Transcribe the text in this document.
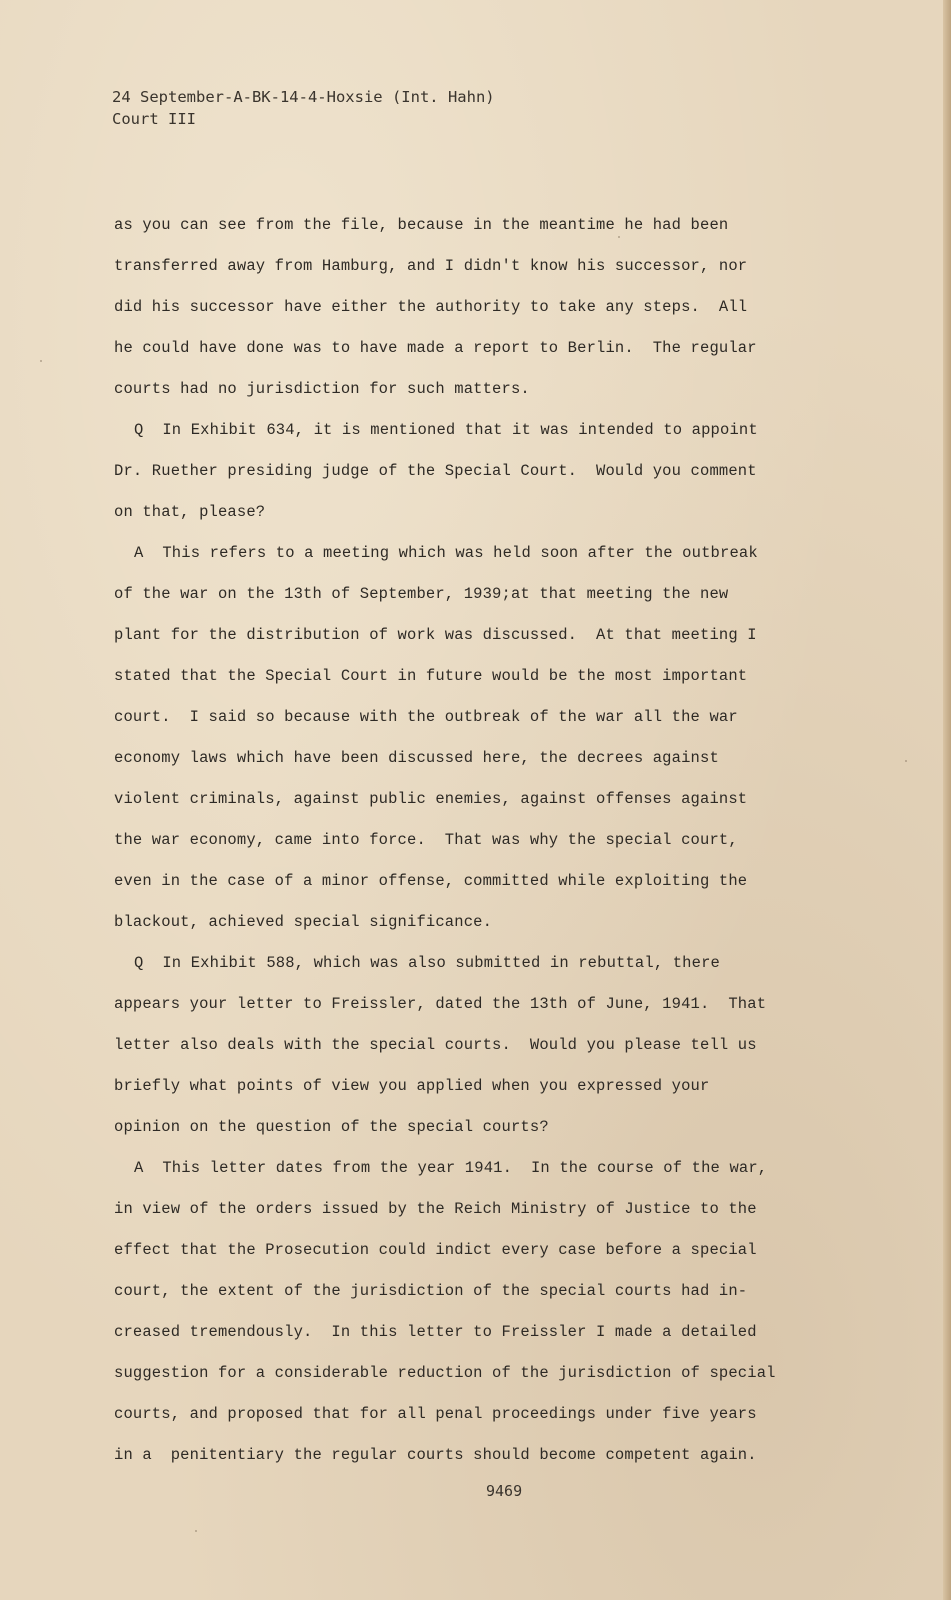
24 September-A-BK-14-4-Hoxsie (Int. Hahn)
Court III
as you can see from the file, because in the meantime he had been
transferred away from Hamburg, and I didn't know his successor, nor
did his successor have either the authority to take any steps.  All
he could have done was to have made a report to Berlin.  The regular
courts had no jurisdiction for such matters.
Q  In Exhibit 634, it is mentioned that it was intended to appoint
Dr. Ruether presiding judge of the Special Court.  Would you comment
on that, please?
A  This refers to a meeting which was held soon after the outbreak
of the war on the 13th of September, 1939;at that meeting the new
plant for the distribution of work was discussed.  At that meeting I
stated that the Special Court in future would be the most important
court.  I said so because with the outbreak of the war all the war
economy laws which have been discussed here, the decrees against
violent criminals, against public enemies, against offenses against
the war economy, came into force.  That was why the special court,
even in the case of a minor offense, committed while exploiting the
blackout, achieved special significance.
Q  In Exhibit 588, which was also submitted in rebuttal, there
appears your letter to Freissler, dated the 13th of June, 1941.  That
letter also deals with the special courts.  Would you please tell us
briefly what points of view you applied when you expressed your
opinion on the question of the special courts?
A  This letter dates from the year 1941.  In the course of the war,
in view of the orders issued by the Reich Ministry of Justice to the
effect that the Prosecution could indict every case before a special
court, the extent of the jurisdiction of the special courts had in-
creased tremendously.  In this letter to Freissler I made a detailed
suggestion for a considerable reduction of the jurisdiction of special
courts, and proposed that for all penal proceedings under five years
in a  penitentiary the regular courts should become competent again.
9469
